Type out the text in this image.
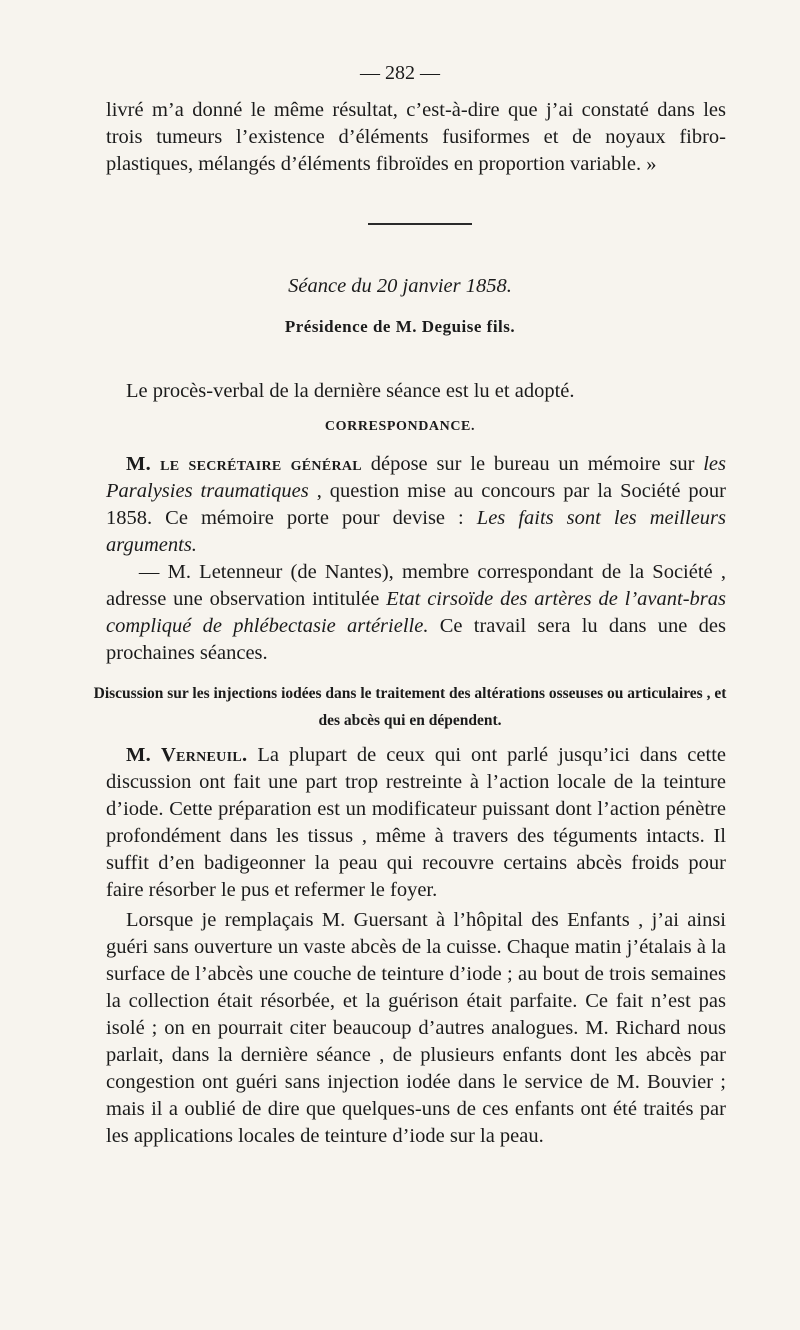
— 282 —

livré m’a donné le même résultat, c’est-à-dire que j’ai constaté dans les trois tumeurs l’existence d’éléments fusiformes et de noyaux fibro-plastiques, mélangés d’éléments fibroïdes en proportion variable. »

Séance du 20 janvier 1858.
Présidence de M. Deguise fils.

Le procès-verbal de la dernière séance est lu et adopté.

CORRESPONDANCE.

M. le secrétaire général dépose sur le bureau un mémoire sur les Paralysies traumatiques , question mise au concours par la Société pour 1858. Ce mémoire porte pour devise : Les faits sont les meilleurs arguments.
— M. Letenneur (de Nantes), membre correspondant de la Société , adresse une observation intitulée Etat cirsoïde des artères de l’avant-bras compliqué de phlébectasie artérielle. Ce travail sera lu dans une des prochaines séances.

Discussion sur les injections iodées dans le traitement des altérations osseuses ou articulaires , et des abcès qui en dépendent.

M. Verneuil. La plupart de ceux qui ont parlé jusqu’ici dans cette discussion ont fait une part trop restreinte à l’action locale de la teinture d’iode. Cette préparation est un modificateur puissant dont l’action pénètre profondément dans les tissus , même à travers des téguments intacts. Il suffit d’en badigeonner la peau qui recouvre certains abcès froids pour faire résorber le pus et refermer le foyer.

Lorsque je remplaçais M. Guersant à l’hôpital des Enfants , j’ai ainsi guéri sans ouverture un vaste abcès de la cuisse. Chaque matin j’étalais à la surface de l’abcès une couche de teinture d’iode ; au bout de trois semaines la collection était résorbée, et la guérison était parfaite. Ce fait n’est pas isolé ; on en pourrait citer beaucoup d’autres analogues. M. Richard nous parlait, dans la dernière séance , de plusieurs enfants dont les abcès par congestion ont guéri sans injection iodée dans le service de M. Bouvier ; mais il a oublié de dire que quelques-uns de ces enfants ont été traités par les applications locales de teinture d’iode sur la peau.
